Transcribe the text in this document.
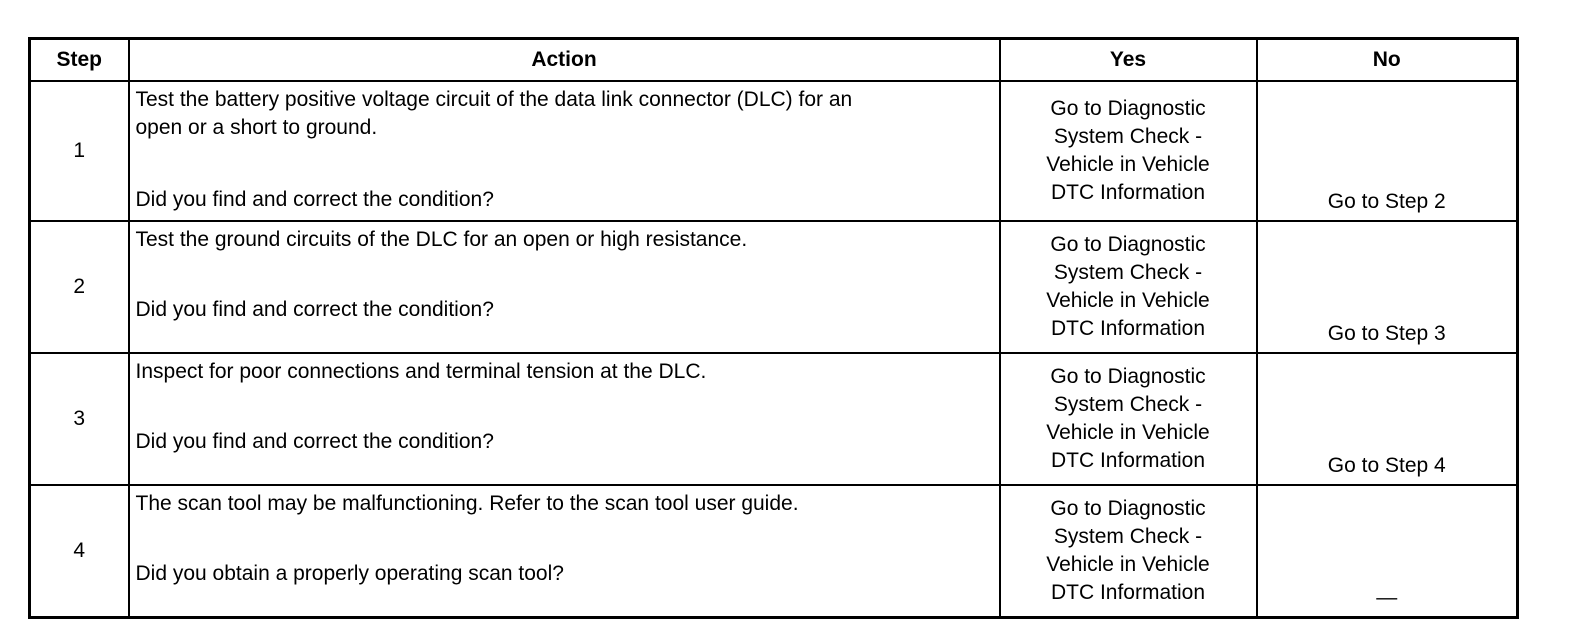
Step	Action	Yes	No
1	Test the battery positive voltage circuit of the data link connector (DLC) for an
open or a short to ground.
Did you find and correct the condition?	Go to Diagnostic
System Check -
Vehicle in Vehicle
DTC Information	Go to Step 2
2	Test the ground circuits of the DLC for an open or high resistance.
Did you find and correct the condition?	Go to Diagnostic
System Check -
Vehicle in Vehicle
DTC Information	Go to Step 3
3	Inspect for poor connections and terminal tension at the DLC.
Did you find and correct the condition?	Go to Diagnostic
System Check -
Vehicle in Vehicle
DTC Information	Go to Step 4
4	The scan tool may be malfunctioning. Refer to the scan tool user guide.
Did you obtain a properly operating scan tool?	Go to Diagnostic
System Check -
Vehicle in Vehicle
DTC Information	—
